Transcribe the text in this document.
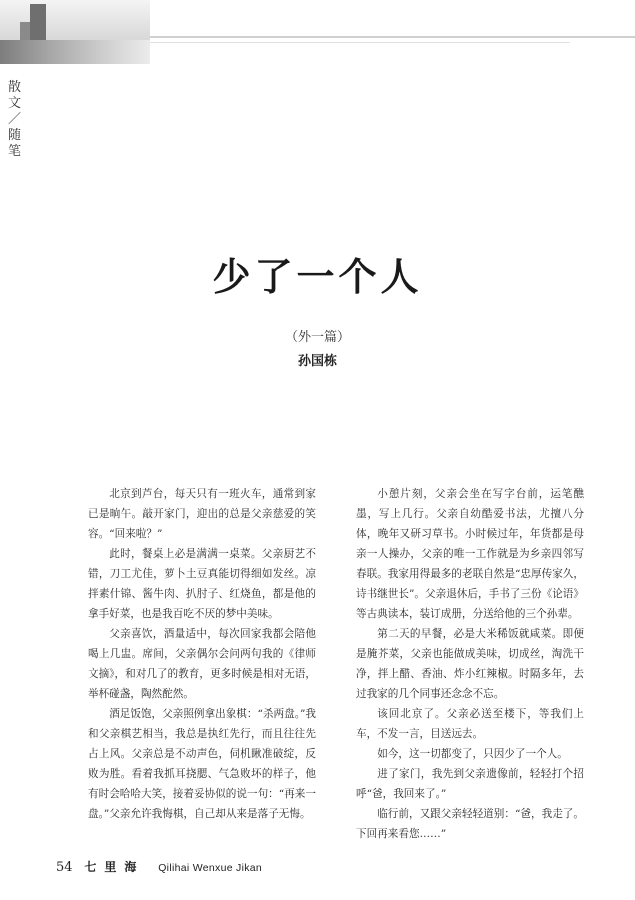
散文／随笔
少了一个人
（外一篇）
孙国栋

北京到芦台，每天只有一班火车，通常到家已是晌午。敲开家门，迎出的总是父亲慈爱的笑容。“回来啦？”

此时，餐桌上必是满满一桌菜。父亲厨艺不错，刀工尤佳，萝卜土豆真能切得细如发丝。凉拌素什锦、酱牛肉、扒肘子、红烧鱼，都是他的拿手好菜，也是我百吃不厌的梦中美味。

父亲喜饮，酒量适中，每次回家我都会陪他喝上几盅。席间，父亲偶尔会问两句我的《律师文摘》，和对几了的教育，更多时候是相对无语，举杯碰盏，陶然酡然。

酒足饭饱，父亲照例拿出象棋：“杀两盘。”我和父亲棋艺相当，我总是执红先行，而且往往先占上风。父亲总是不动声色，伺机瞅准破绽，反败为胜。看着我抓耳挠腮、气急败坏的样子，他有时会哈哈大笑，接着妥协似的说一句：“再来一盘。”父亲允许我悔棋，自己却从来是落子无悔。

小憩片刻，父亲会坐在写字台前，运笔醮墨，写上几行。父亲自幼酷爱书法，尤擅八分体，晚年又研习草书。小时候过年，年货都是母亲一人操办，父亲的唯一工作就是为乡亲四邻写春联。我家用得最多的老联自然是“忠厚传家久，诗书继世长”。父亲退休后，手书了三份《论语》等古典读本，装订成册，分送给他的三个孙辈。

第二天的早餐，必是大米稀饭就咸菜。即便是腌芥菜，父亲也能做成美味，切成丝，淘洗干净，拌上醋、香油、炸小红辣椒。时隔多年，去过我家的几个同事还念念不忘。

该回北京了。父亲必送至楼下，等我们上车，不发一言，目送远去。

如今，这一切都变了，只因少了一个人。

进了家门，我先到父亲遗像前，轻轻打个招呼“爸，我回来了。”

临行前，又跟父亲轻轻道别：“爸，我走了。下回再来看您……”

54 七里海 Qilihai Wenxue Jikan
